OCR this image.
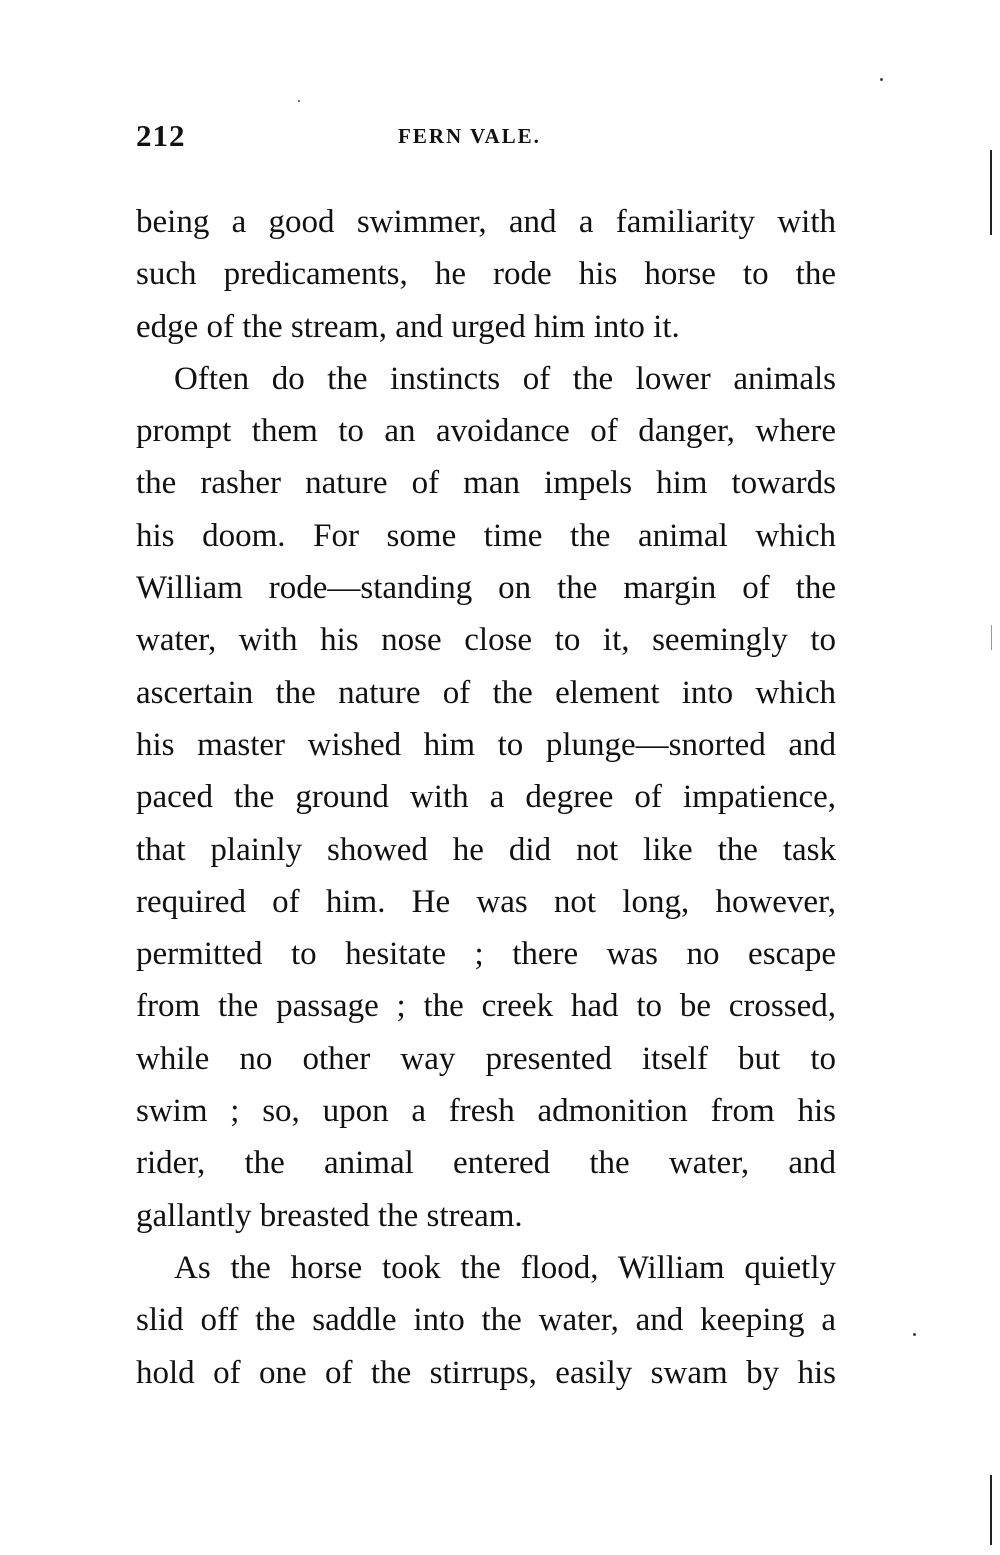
212	FERN VALE.
being a good swimmer, and a familiarity with
such predicaments, he rode his horse to the
edge of the stream, and urged him into it.
Often do the instincts of the lower animals
prompt them to an avoidance of danger, where
the rasher nature of man impels him towards
his doom. For some time the animal which
William rode—standing on the margin of the
water, with his nose close to it, seemingly to
ascertain the nature of the element into which
his master wished him to plunge—snorted and
paced the ground with a degree of impatience,
that plainly showed he did not like the task
required of him. He was not long, however,
permitted to hesitate ; there was no escape
from the passage ; the creek had to be crossed,
while no other way presented itself but to
swim ; so, upon a fresh admonition from his
rider, the animal entered the water, and
gallantly breasted the stream.
As the horse took the flood, William quietly
slid off the saddle into the water, and keeping a
hold of one of the stirrups, easily swam by his
